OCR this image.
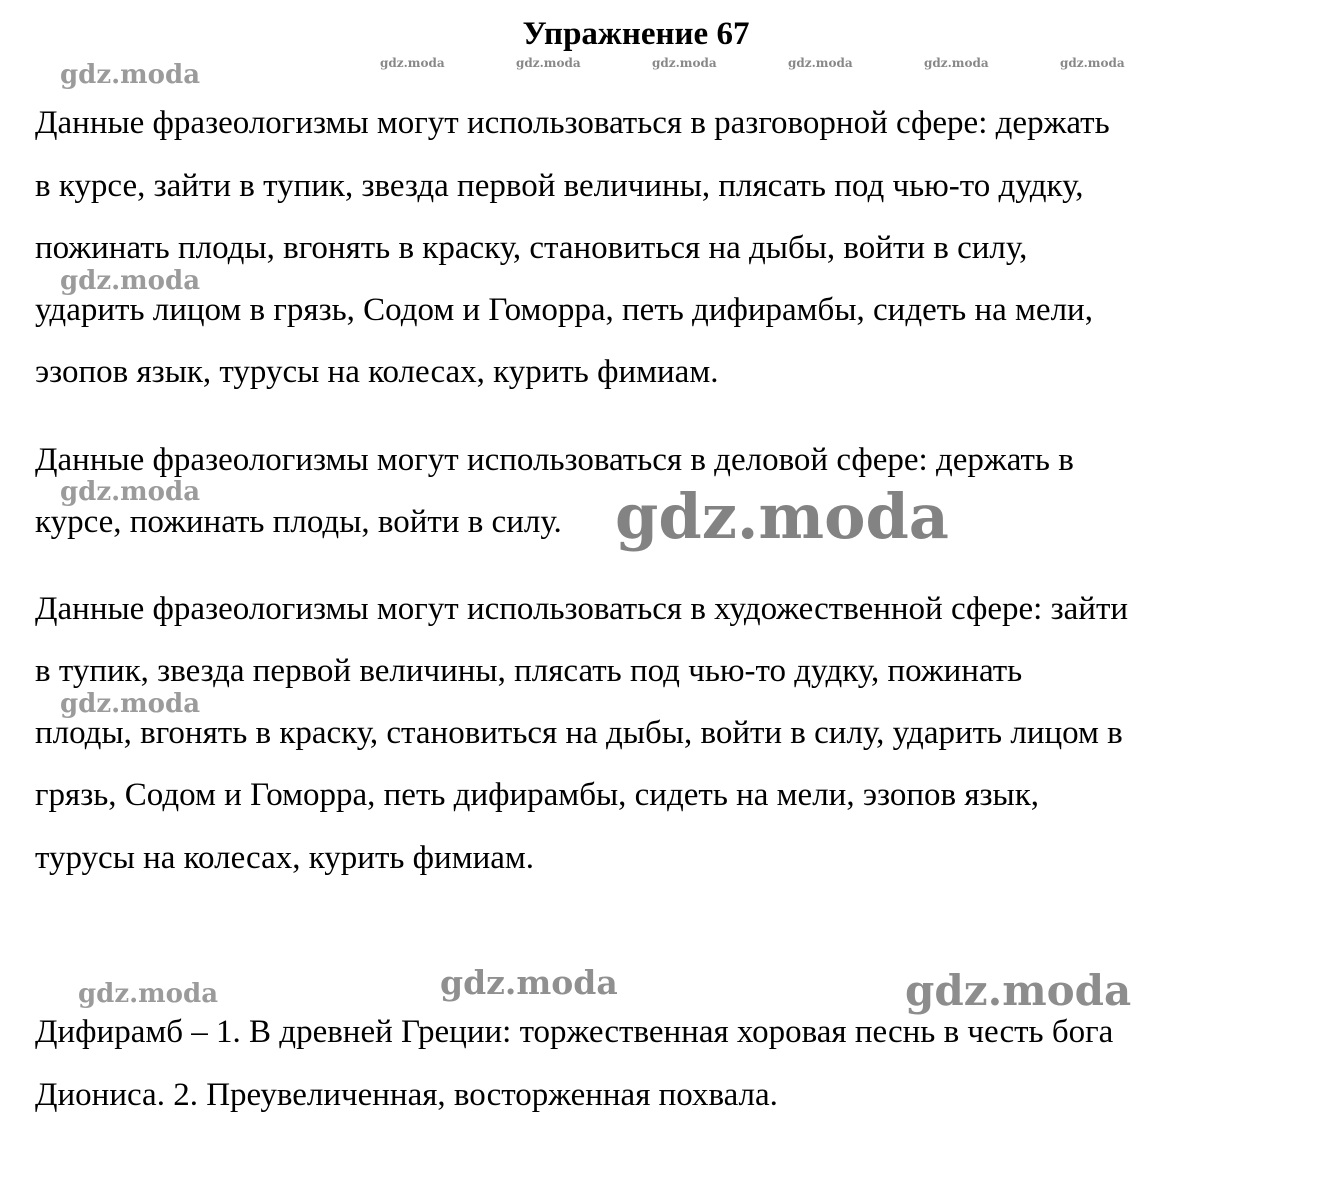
Упражнение 67
Данные фразеологизмы могут использоваться в разговорной сфере: держать
в курсе, зайти в тупик, звезда первой величины, плясать под чью-то дудку,
пожинать плоды, вгонять в краску, становиться на дыбы, войти в силу,
ударить лицом в грязь, Содом и Гоморра, петь дифирамбы, сидеть на мели,
эзопов язык, турусы на колесах, курить фимиам.
Данные фразеологизмы могут использоваться в деловой сфере: держать в
курсе, пожинать плоды, войти в силу.
Данные фразеологизмы могут использоваться в художественной сфере: зайти
в тупик, звезда первой величины, плясать под чью-то дудку, пожинать
плоды, вгонять в краску, становиться на дыбы, войти в силу, ударить лицом в
грязь, Содом и Гоморра, петь дифирамбы, сидеть на мели, эзопов язык,
турусы на колесах, курить фимиам.
Дифирамб – 1. В древней Греции: торжественная хоровая песнь в честь бога
Диониса. 2. Преувеличенная, восторженная похвала.
gdz.moda	gdz.moda	gdz.moda	gdz.moda	gdz.moda	gdz.moda	gdz.moda
gdz.moda
gdz.moda	gdz.moda
gdz.moda
gdz.moda	gdz.moda	gdz.moda
